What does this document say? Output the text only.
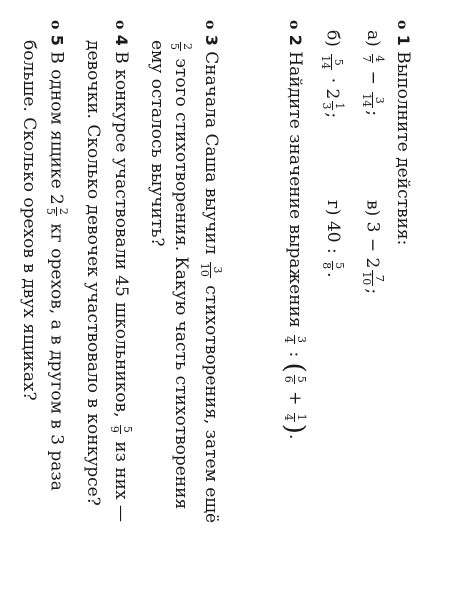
o 1 Выполните действия:
а)
4
7
−
3
14
;
в) 3 −
2
7
10
;
б)
5
14
·
2
1
3
;
г) 40 :
5
8
.
o 2 Найдите значение выражения
3
4
: (
5
6
+
1
4
).
o 3 Сначала Саша выучил
3
10
стихотворения, затем ещё
2
5
этого стихотворения. Какую часть стихотворения
ему осталось выучить?
o 4 В конкурсе участвовали 45 школьников,
5
9
из них —
девочки. Сколько девочек участвовало в конкурсе?
o 5 В одном ящике
2
2
5
кг орехов, а в другом в 3 раза
больше. Сколько орехов в двух ящиках?
